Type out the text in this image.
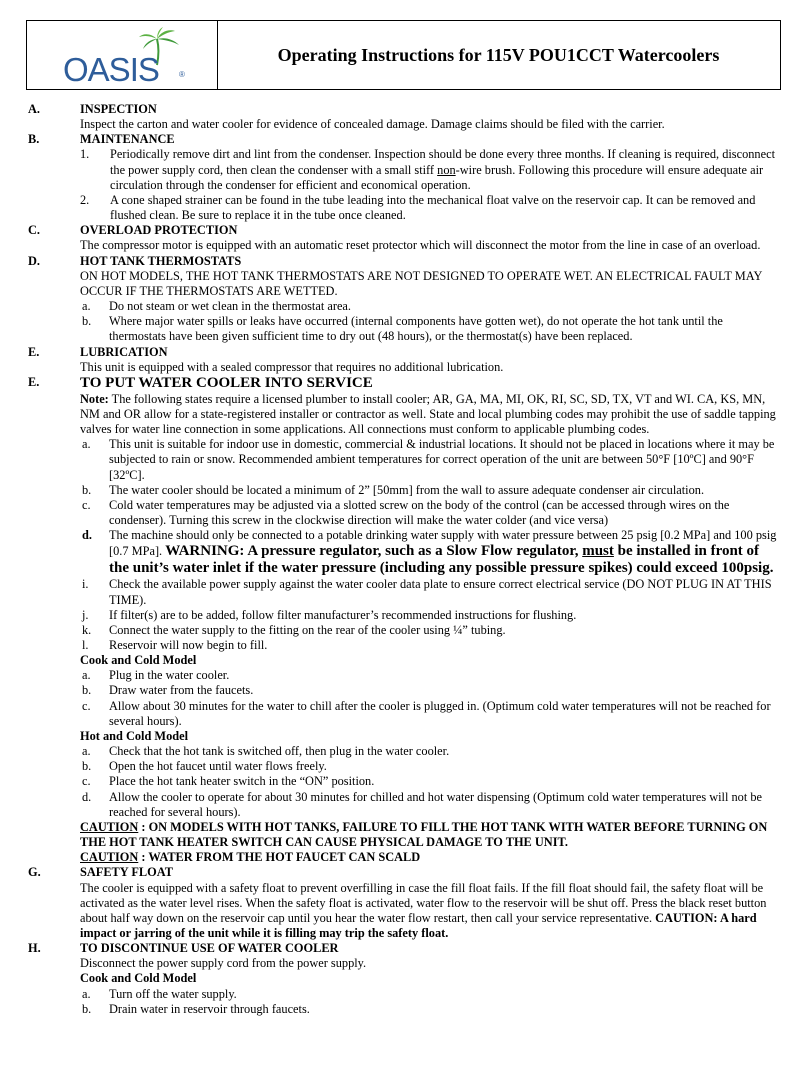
OASIS	®
Operating Instructions for 115V POU1CCT Watercoolers
A.	INSPECTION
Inspect the carton and water cooler for evidence of concealed damage. Damage claims should be filed with the carrier.
B.	MAINTENANCE
1. Periodically remove dirt and lint from the condenser. Inspection should be done every three months. If cleaning is required, disconnect the power supply cord, then clean the condenser with a small stiff non-wire brush. Following this procedure will ensure adequate air circulation through the condenser for efficient and economical operation.
2. A cone shaped strainer can be found in the tube leading into the mechanical float valve on the reservoir cap. It can be removed and flushed clean. Be sure to replace it in the tube once cleaned.
C.	OVERLOAD PROTECTION
The compressor motor is equipped with an automatic reset protector which will disconnect the motor from the line in case of an overload.
D.	HOT TANK THERMOSTATS
ON HOT MODELS, THE HOT TANK THERMOSTATS ARE NOT DESIGNED TO OPERATE WET. AN ELECTRICAL FAULT MAY OCCUR IF THE THERMOSTATS ARE WETTED.
a. Do not steam or wet clean in the thermostat area.
b. Where major water spills or leaks have occurred (internal components have gotten wet), do not operate the hot tank until the thermostats have been given sufficient time to dry out (48 hours), or the thermostat(s) have been replaced.
E.	LUBRICATION
This unit is equipped with a sealed compressor that requires no additional lubrication.
E.	TO PUT WATER COOLER INTO SERVICE
Note: The following states require a licensed plumber to install cooler; AR, GA, MA, MI, OK, RI, SC, SD, TX, VT and WI. CA, KS, MN, NM and OR allow for a state-registered installer or contractor as well. State and local plumbing codes may prohibit the use of saddle tapping valves for water line connection in some applications. All connections must conform to applicable plumbing codes.
a. This unit is suitable for indoor use in domestic, commercial & industrial locations. It should not be placed in locations where it may be subjected to rain or snow. Recommended ambient temperatures for correct operation of the unit are between 50°F [10ºC] and 90°F [32ºC].
b. The water cooler should be located a minimum of 2” [50mm] from the wall to assure adequate condenser air circulation.
c. Cold water temperatures may be adjusted via a slotted screw on the body of the control (can be accessed through wires on the condenser). Turning this screw in the clockwise direction will make the water colder (and vice versa)
d. The machine should only be connected to a potable drinking water supply with water pressure between 25 psig [0.2 MPa] and 100 psig [0.7 MPa]. WARNING: A pressure regulator, such as a Slow Flow regulator, must be installed in front of the unit’s water inlet if the water pressure (including any possible pressure spikes) could exceed 100psig.
i. Check the available power supply against the water cooler data plate to ensure correct electrical service (DO NOT PLUG IN AT THIS TIME).
j. If filter(s) are to be added, follow filter manufacturer’s recommended instructions for flushing.
k. Connect the water supply to the fitting on the rear of the cooler using ¼” tubing.
l. Reservoir will now begin to fill.
Cook and Cold Model
a. Plug in the water cooler.
b. Draw water from the faucets.
c. Allow about 30 minutes for the water to chill after the cooler is plugged in. (Optimum cold water temperatures will not be reached for several hours).
Hot and Cold Model
a. Check that the hot tank is switched off, then plug in the water cooler.
b. Open the hot faucet until water flows freely.
c. Place the hot tank heater switch in the “ON” position.
d. Allow the cooler to operate for about 30 minutes for chilled and hot water dispensing (Optimum cold water temperatures will not be reached for several hours).
CAUTION : ON MODELS WITH HOT TANKS, FAILURE TO FILL THE HOT TANK WITH WATER BEFORE TURNING ON THE HOT TANK HEATER SWITCH CAN CAUSE PHYSICAL DAMAGE TO THE UNIT.
CAUTION : WATER FROM THE HOT FAUCET CAN SCALD
G.	SAFETY FLOAT
The cooler is equipped with a safety float to prevent overfilling in case the fill float fails. If the fill float should fail, the safety float will be activated as the water level rises. When the safety float is activated, water flow to the reservoir will be shut off. Press the black reset button about half way down on the reservoir cap until you hear the water flow restart, then call your service representative. CAUTION: A hard impact or jarring of the unit while it is filling may trip the safety float.
H.	TO DISCONTINUE USE OF WATER COOLER
Disconnect the power supply cord from the power supply.
Cook and Cold Model
a. Turn off the water supply.
b. Drain water in reservoir through faucets.
